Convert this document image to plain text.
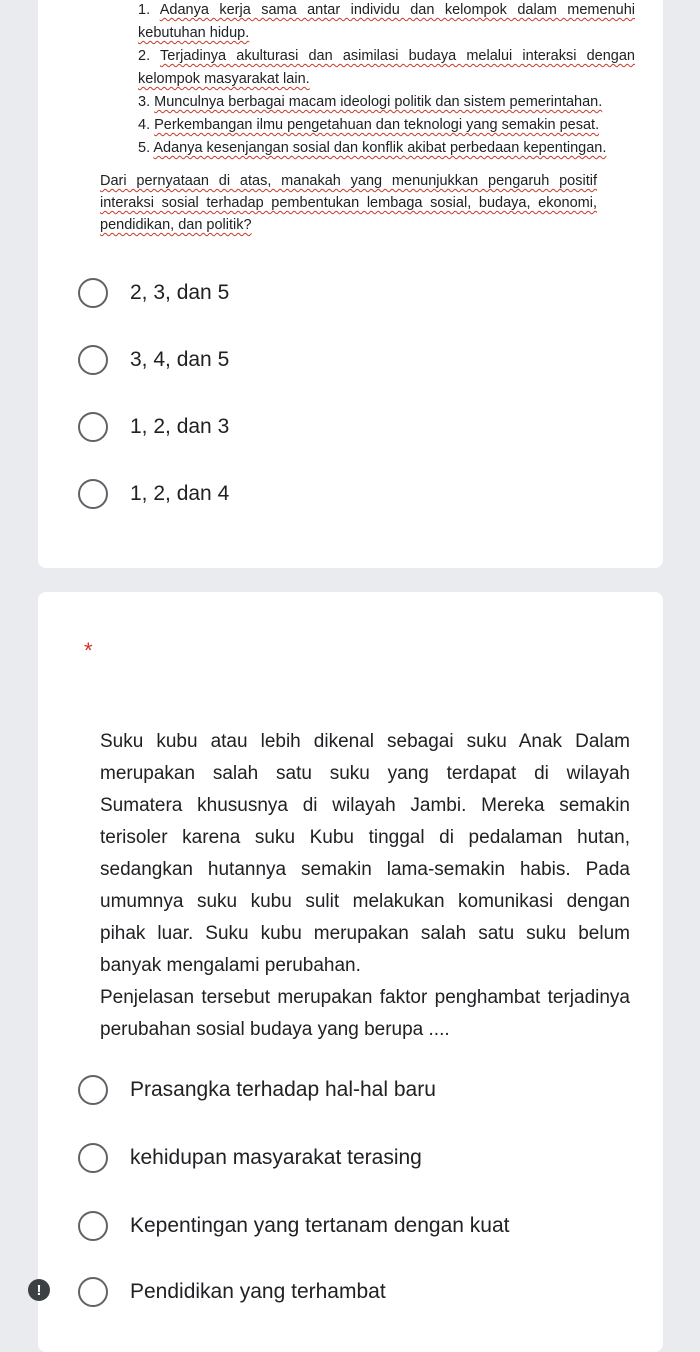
1. Adanya kerja sama antar individu dan kelompok dalam memenuhi kebutuhan hidup.
2. Terjadinya akulturasi dan asimilasi budaya melalui interaksi dengan kelompok masyarakat lain.
3. Munculnya berbagai macam ideologi politik dan sistem pemerintahan.
4. Perkembangan ilmu pengetahuan dan teknologi yang semakin pesat.
5. Adanya kesenjangan sosial dan konflik akibat perbedaan kepentingan.
Dari pernyataan di atas, manakah yang menunjukkan pengaruh positif interaksi sosial terhadap pembentukan lembaga sosial, budaya, ekonomi, pendidikan, dan politik?
2, 3, dan 5
3, 4, dan 5
1, 2, dan 3
1, 2, dan 4
*

Suku kubu atau lebih dikenal sebagai suku Anak Dalam merupakan salah satu suku yang terdapat di wilayah Sumatera khususnya di wilayah Jambi. Mereka semakin terisoler karena suku Kubu tinggal di pedalaman hutan, sedangkan hutannya semakin lama-semakin habis. Pada umumnya suku kubu sulit melakukan komunikasi dengan pihak luar. Suku kubu merupakan salah satu suku belum banyak mengalami perubahan.

Penjelasan tersebut merupakan faktor penghambat terjadinya perubahan sosial budaya yang berupa ....

Prasangka terhadap hal-hal baru
kehidupan masyarakat terasing
Kepentingan yang tertanam dengan kuat
Pendidikan yang terhambat
!
